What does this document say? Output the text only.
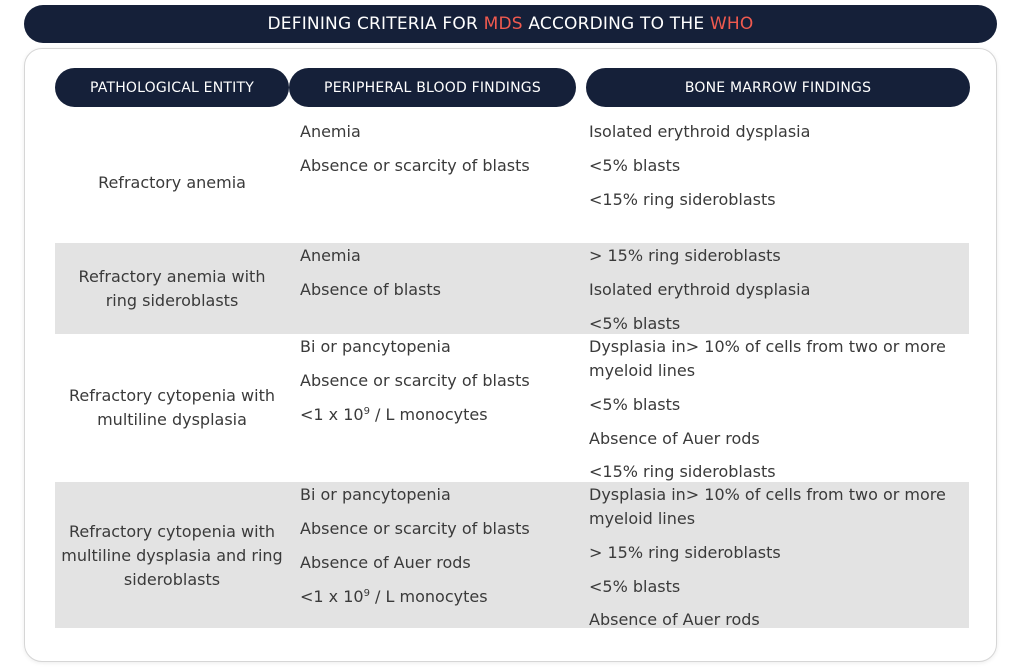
DEFINING CRITERIA FOR MDS ACCORDING TO THE WHO
PATHOLOGICAL ENTITY	PERIPHERAL BLOOD FINDINGS	BONE MARROW FINDINGS
Refractory anemia
Anemia
Absence or scarcity of blasts
Isolated erythroid dysplasia
<5% blasts
<15% ring sideroblasts
Refractory anemia with ring sideroblasts
Anemia
Absence of blasts
> 15% ring sideroblasts
Isolated erythroid dysplasia
<5% blasts
Refractory cytopenia with multiline dysplasia
Bi or pancytopenia
Absence or scarcity of blasts
<1 x $10^9$ / L monocytes
Dysplasia in> 10% of cells from two or more myeloid lines
<5% blasts
Absence of Auer rods
<15% ring sideroblasts
Refractory cytopenia with multiline dysplasia and ring sideroblasts
Bi or pancytopenia
Absence or scarcity of blasts
Absence of Auer rods
<1 x $10^9$ / L monocytes
Dysplasia in> 10% of cells from two or more myeloid lines
> 15% ring sideroblasts
<5% blasts
Absence of Auer rods
